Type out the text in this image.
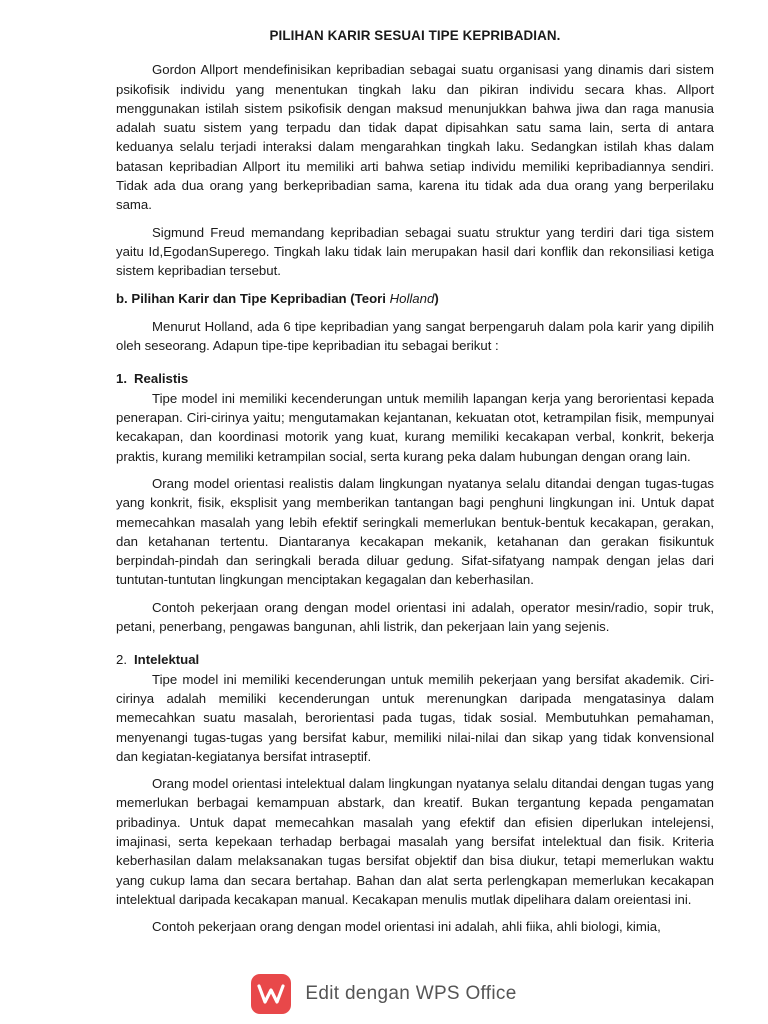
PILIHAN KARIR SESUAI TIPE KEPRIBADIAN.

Gordon Allport mendefinisikan kepribadian sebagai suatu organisasi yang dinamis dari sistem psikofisik individu yang menentukan tingkah laku dan pikiran individu secara khas. Allport menggunakan istilah sistem psikofisik dengan maksud menunjukkan bahwa jiwa dan raga manusia adalah suatu sistem yang terpadu dan tidak dapat dipisahkan satu sama lain, serta di antara keduanya selalu terjadi interaksi dalam mengarahkan tingkah laku. Sedangkan istilah khas dalam batasan kepribadian Allport itu memiliki arti bahwa setiap individu memiliki kepribadiannya sendiri. Tidak ada dua orang yang berkepribadian sama, karena itu tidak ada dua orang yang berperilaku sama.

Sigmund Freud memandang kepribadian sebagai suatu struktur yang terdiri dari tiga sistem yaitu Id,EgodanSuperego. Tingkah laku tidak lain merupakan hasil dari konflik dan rekonsiliasi ketiga sistem kepribadian tersebut.

b. Pilihan Karir dan Tipe Kepribadian (Teori Holland)

Menurut Holland, ada 6 tipe kepribadian yang sangat berpengaruh dalam pola karir yang dipilih oleh seseorang. Adapun tipe-tipe kepribadian itu sebagai berikut :

1. Realistis

Tipe model ini memiliki kecenderungan untuk memilih lapangan kerja yang berorientasi kepada penerapan. Ciri-cirinya yaitu; mengutamakan kejantanan, kekuatan otot, ketrampilan fisik, mempunyai kecakapan, dan koordinasi motorik yang kuat, kurang memiliki kecakapan verbal, konkrit, bekerja praktis, kurang memiliki ketrampilan social, serta kurang peka dalam hubungan dengan orang lain.

Orang model orientasi realistis dalam lingkungan nyatanya selalu ditandai dengan tugas-tugas yang konkrit, fisik, eksplisit yang memberikan tantangan bagi penghuni lingkungan ini. Untuk dapat memecahkan masalah yang lebih efektif seringkali memerlukan bentuk-bentuk kecakapan, gerakan, dan ketahanan tertentu. Diantaranya kecakapan mekanik, ketahanan dan gerakan fisikuntuk berpindah-pindah dan seringkali berada diluar gedung. Sifat-sifatyang nampak dengan jelas dari tuntutan-tuntutan lingkungan menciptakan kegagalan dan keberhasilan.

Contoh pekerjaan orang dengan model orientasi ini adalah, operator mesin/radio, sopir truk, petani, penerbang, pengawas bangunan, ahli listrik, dan pekerjaan lain yang sejenis.

2. Intelektual

Tipe model ini memiliki kecenderungan untuk memilih pekerjaan yang bersifat akademik. Ciri-cirinya adalah memiliki kecenderungan untuk merenungkan daripada mengatasinya dalam memecahkan suatu masalah, berorientasi pada tugas, tidak sosial. Membutuhkan pemahaman, menyenangi tugas-tugas yang bersifat kabur, memiliki nilai-nilai dan sikap yang tidak konvensional dan kegiatan-kegiatanya bersifat intraseptif.

Orang model orientasi intelektual dalam lingkungan nyatanya selalu ditandai dengan tugas yang memerlukan berbagai kemampuan abstark, dan kreatif. Bukan tergantung kepada pengamatan pribadinya. Untuk dapat memecahkan masalah yang efektif dan efisien diperlukan intelejensi, imajinasi, serta kepekaan terhadap berbagai masalah yang bersifat intelektual dan fisik. Kriteria keberhasilan dalam melaksanakan tugas bersifat objektif dan bisa diukur, tetapi memerlukan waktu yang cukup lama dan secara bertahap. Bahan dan alat serta perlengkapan memerlukan kecakapan intelektual daripada kecakapan manual. Kecakapan menulis mutlak dipelihara dalam oreientasi ini.

Contoh pekerjaan orang dengan model orientasi ini adalah, ahli fiika, ahli biologi, kimia,

Edit dengan WPS Office
